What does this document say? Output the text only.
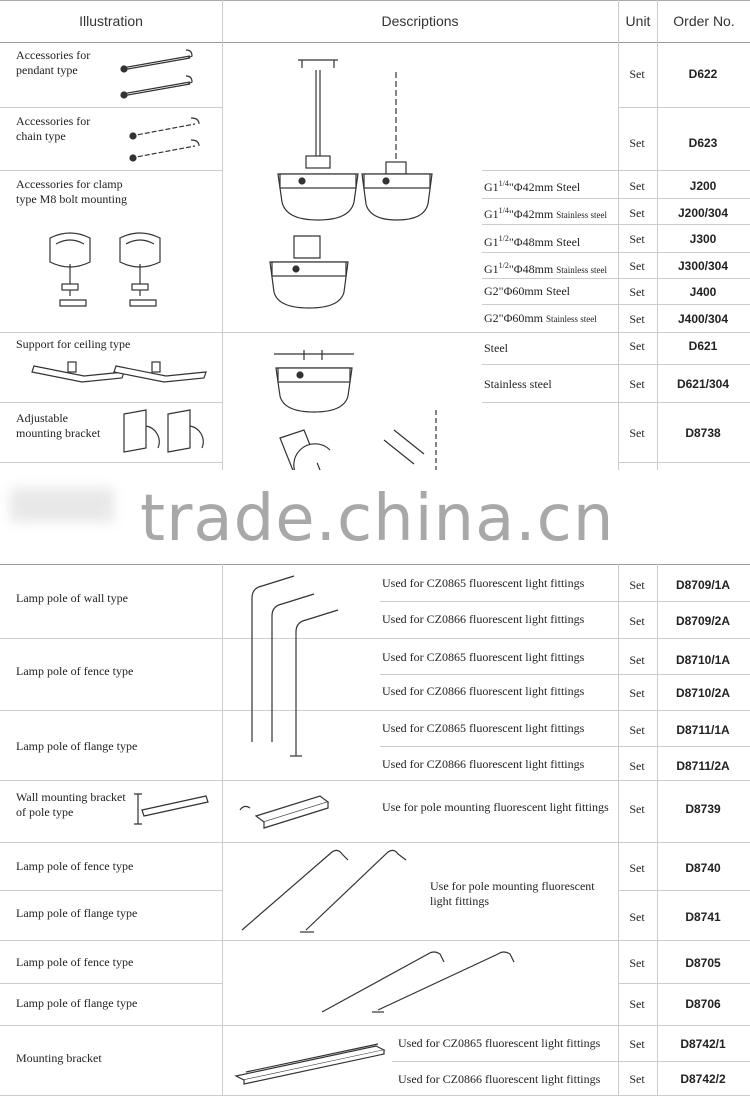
Illustration	Descriptions	Unit	Order No.
Accessories for pendant type	Set	D622
Accessories for chain type	Set	D623
Accessories for clamp type M8 bolt mounting
$G1^{1/4}"\Phi 42mm$ Steel	Set	J200
$G1^{1/4}"\Phi 42mm$ Stainless steel	Set	J200/304
$G1^{1/2}"\Phi 48mm$ Steel	Set	J300
$G1^{1/2}"\Phi 48mm$ Stainless steel	Set	J300/304
G2"Φ60mm Steel	Set	J400
G2"Φ60mm Stainless steel	Set	J400/304
Support for ceiling type	Steel	Set	D621
Stainless steel	Set	D621/304
Adjustable mounting bracket	Set	D8738
trade.china.cn
Lamp pole of wall type
Used for CZ0865 fluorescent light fittings	Set	D8709/1A
Used for CZ0866 fluorescent light fittings	Set	D8709/2A
Lamp pole of fence type
Used for CZ0865 fluorescent light fittings	Set	D8710/1A
Used for CZ0866 fluorescent light fittings	Set	D8710/2A
Lamp pole of flange type
Used for CZ0865 fluorescent light fittings	Set	D8711/1A
Used for CZ0866 fluorescent light fittings	Set	D8711/2A
Wall mounting bracket of pole type	Use for pole mounting fluorescent light fittings	Set	D8739
Lamp pole of fence type	Set	D8740
Lamp pole of flange type	Set	D8741
Use for pole mounting fluorescent light fittings
Lamp pole of fence type	Set	D8705
Lamp pole of flange type	Set	D8706
Mounting bracket
Used for CZ0865 fluorescent light fittings	Set	D8742/1
Used for CZ0866 fluorescent light fittings	Set	D8742/2
